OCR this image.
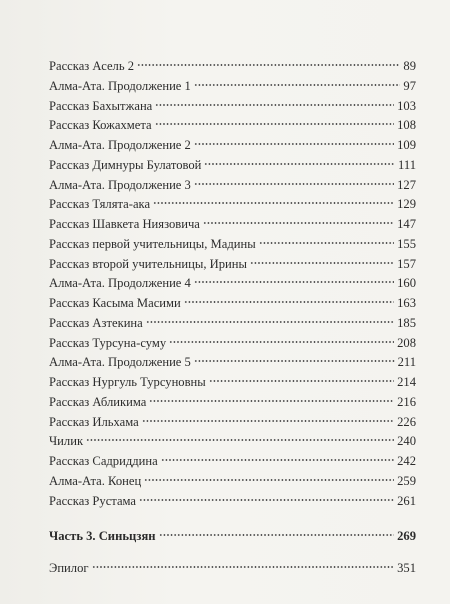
Рассказ Асель 2	89
Алма-Ата. Продолжение 1	97
Рассказ Бахытжана	103
Рассказ Кожахмета	108
Алма-Ата. Продолжение 2	109
Рассказ Димнуры Булатовой	111
Алма-Ата. Продолжение 3	127
Рассказ Тялята-ака	129
Рассказ Шавкета Ниязовича	147
Рассказ первой учительницы, Мадины	155
Рассказ второй учительницы, Ирины	157
Алма-Ата. Продолжение 4	160
Рассказ Касыма Масими	163
Рассказ Азтекина	185
Рассказ Турсуна-суму	208
Алма-Ата. Продолжение 5	211
Рассказ Нургуль Турсуновны	214
Рассказ Абликима	216
Рассказ Ильхама	226
Чилик	240
Рассказ Садриддина	242
Алма-Ата. Конец	259
Рассказ Рустама	261
Часть 3. Синьцзян	269
Эпилог	351
